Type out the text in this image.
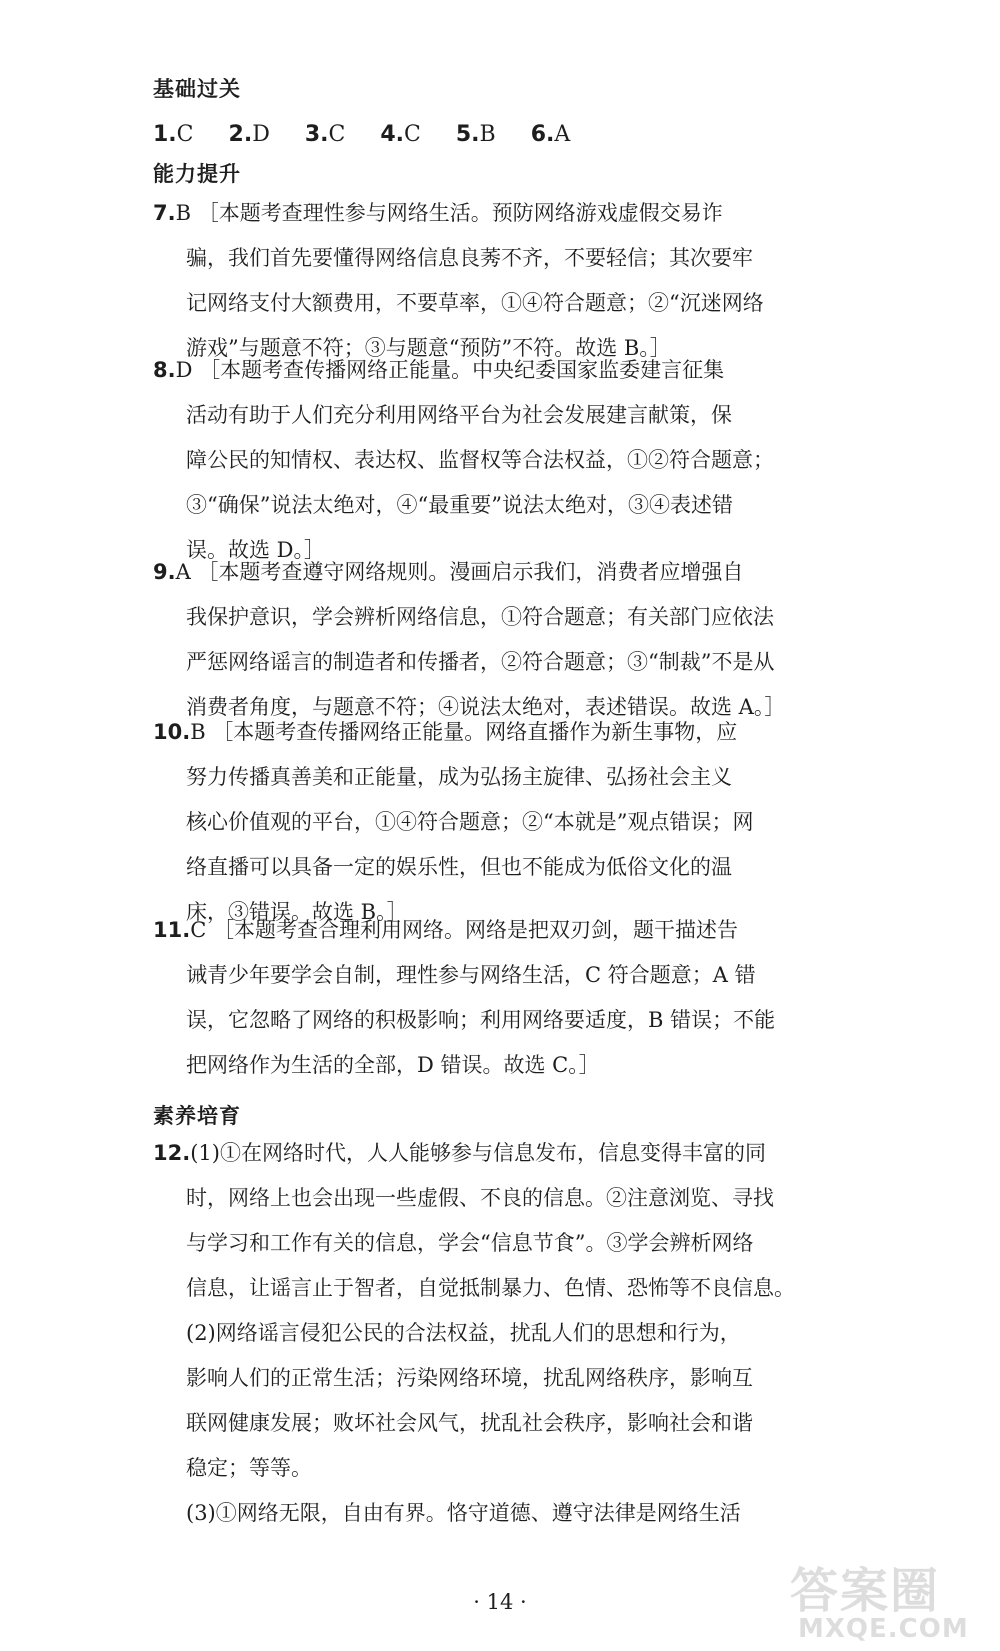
基础过关
1.C 2.D 3.C 4.C 5.B 6.A
能力提升
7.B ［本题考查理性参与网络生活。预防网络游戏虚假交易诈
骗，我们首先要懂得网络信息良莠不齐，不要轻信；其次要牢
记网络支付大额费用，不要草率，①④符合题意；②“沉迷网络
游戏”与题意不符；③与题意“预防”不符。故选 B。］
8.D ［本题考查传播网络正能量。中央纪委国家监委建言征集
活动有助于人们充分利用网络平台为社会发展建言献策，保
障公民的知情权、表达权、监督权等合法权益，①②符合题意；
③“确保”说法太绝对，④“最重要”说法太绝对，③④表述错
误。故选 D。］
9.A ［本题考查遵守网络规则。漫画启示我们，消费者应增强自
我保护意识，学会辨析网络信息，①符合题意；有关部门应依法
严惩网络谣言的制造者和传播者，②符合题意；③“制裁”不是从
消费者角度，与题意不符；④说法太绝对，表述错误。故选 A。］
10.B ［本题考查传播网络正能量。网络直播作为新生事物，应
努力传播真善美和正能量，成为弘扬主旋律、弘扬社会主义
核心价值观的平台，①④符合题意；②“本就是”观点错误；网
络直播可以具备一定的娱乐性，但也不能成为低俗文化的温
床，③错误。故选 B。］
11.C ［本题考查合理利用网络。网络是把双刃剑，题干描述告
诫青少年要学会自制，理性参与网络生活，C 符合题意；A 错
误，它忽略了网络的积极影响；利用网络要适度，B 错误；不能
把网络作为生活的全部，D 错误。故选 C。］
素养培育
12.(1)①在网络时代，人人能够参与信息发布，信息变得丰富的同
时，网络上也会出现一些虚假、不良的信息。②注意浏览、寻找
与学习和工作有关的信息，学会“信息节食”。③学会辨析网络
信息，让谣言止于智者，自觉抵制暴力、色情、恐怖等不良信息。
(2)网络谣言侵犯公民的合法权益，扰乱人们的思想和行为，
影响人们的正常生活；污染网络环境，扰乱网络秩序，影响互
联网健康发展；败坏社会风气，扰乱社会秩序，影响社会和谐
稳定；等等。
(3)①网络无限，自由有界。恪守道德、遵守法律是网络生活
· 14 ·	答案圈
MXQE.COM
